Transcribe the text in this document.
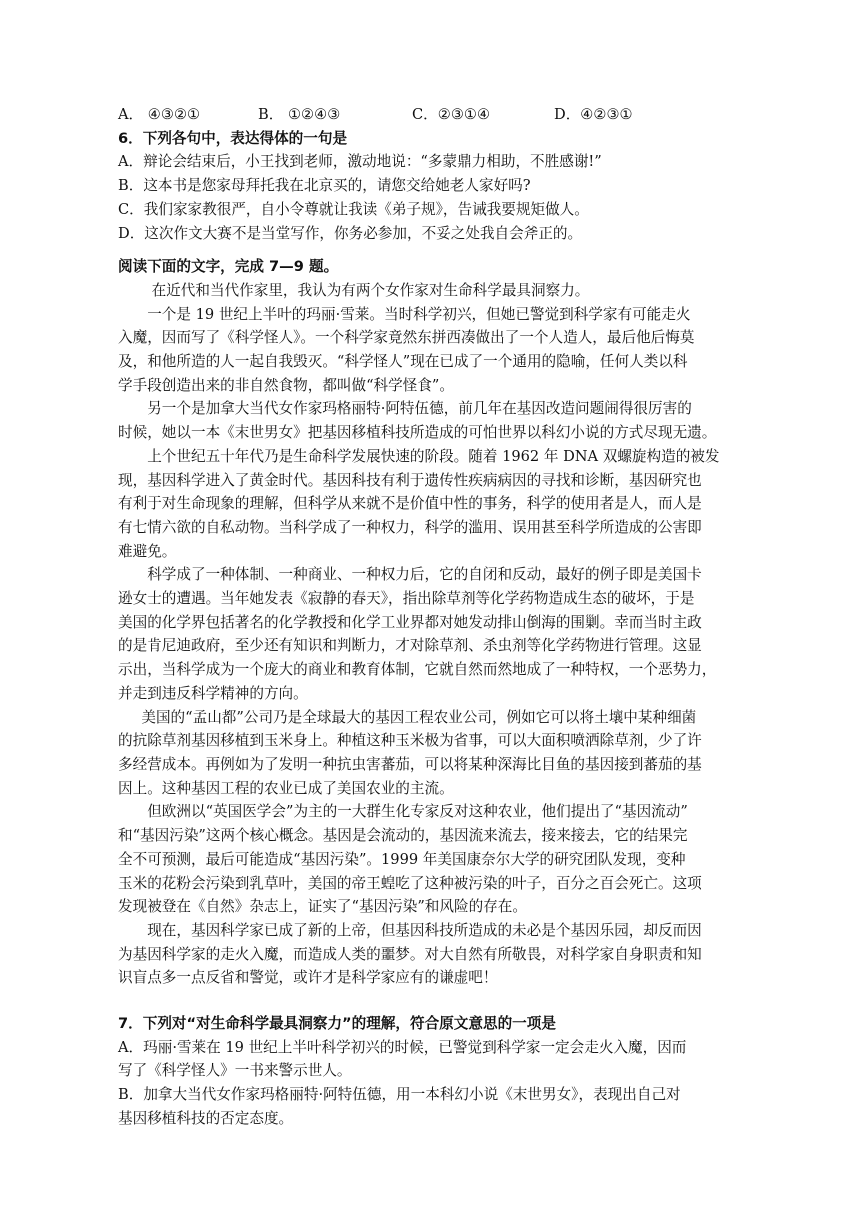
A． ④③②①	B． ①②④③	C．②③①④	D．④②③①
6．下列各句中，表达得体的一句是
A．辩论会结束后，小王找到老师，激动地说：“多蒙鼎力相助，不胜感谢!”
B．这本书是您家母拜托我在北京买的，请您交给她老人家好吗?
C．我们家家教很严，自小令尊就让我读《弟子规》，告诫我要规矩做人。
D．这次作文大赛不是当堂写作，你务必参加，不妥之处我自会斧正的。
阅读下面的文字，完成 7—9 题。
在近代和当代作家里，我认为有两个女作家对生命科学最具洞察力。
一个是 19 世纪上半叶的玛丽·雪莱。当时科学初兴，但她已警觉到科学家有可能走火
入魔，因而写了《科学怪人》。一个科学家竟然东拼西凑做出了一个人造人，最后他后悔莫
及，和他所造的人一起自我毁灭。“科学怪人”现在已成了一个通用的隐喻，任何人类以科
学手段创造出来的非自然食物，都叫做“科学怪食”。
另一个是加拿大当代女作家玛格丽特·阿特伍德，前几年在基因改造问题闹得很厉害的
时候，她以一本《末世男女》把基因移植科技所造成的可怕世界以科幻小说的方式尽现无遗。
上个世纪五十年代乃是生命科学发展快速的阶段。随着 1962 年 DNA 双螺旋构造的被发
现，基因科学进入了黄金时代。基因科技有利于遗传性疾病病因的寻找和诊断，基因研究也
有利于对生命现象的理解，但科学从来就不是价值中性的事务，科学的使用者是人，而人是
有七情六欲的自私动物。当科学成了一种权力，科学的滥用、误用甚至科学所造成的公害即
难避免。
科学成了一种体制、一种商业、一种权力后，它的自闭和反动，最好的例子即是美国卡
逊女士的遭遇。当年她发表《寂静的春天》，指出除草剂等化学药物造成生态的破坏，于是
美国的化学界包括著名的化学教授和化学工业界都对她发动排山倒海的围剿。幸而当时主政
的是肯尼迪政府，至少还有知识和判断力，才对除草剂、杀虫剂等化学药物进行管理。这显
示出，当科学成为一个庞大的商业和教育体制，它就自然而然地成了一种特权，一个恶势力，
并走到违反科学精神的方向。
美国的“孟山都”公司乃是全球最大的基因工程农业公司，例如它可以将土壤中某种细菌
的抗除草剂基因移植到玉米身上。种植这种玉米极为省事，可以大面积喷洒除草剂，少了许
多经营成本。再例如为了发明一种抗虫害蕃茄，可以将某种深海比目鱼的基因接到蕃茄的基
因上。这种基因工程的农业已成了美国农业的主流。
但欧洲以“英国医学会”为主的一大群生化专家反对这种农业，他们提出了“基因流动”
和“基因污染”这两个核心概念。基因是会流动的，基因流来流去，接来接去，它的结果完
全不可预测，最后可能造成“基因污染”。1999 年美国康奈尔大学的研究团队发现，变种
玉米的花粉会污染到乳草叶，美国的帝王蝗吃了这种被污染的叶子，百分之百会死亡。这项
发现被登在《自然》杂志上，证实了“基因污染”和风险的存在。
现在，基因科学家已成了新的上帝，但基因科技所造成的未必是个基因乐园，却反而因
为基因科学家的走火入魔，而造成人类的噩梦。对大自然有所敬畏，对科学家自身职责和知
识盲点多一点反省和警觉，或许才是科学家应有的谦虚吧！
7．下列对“对生命科学最具洞察力”的理解，符合原文意思的一项是
A．玛丽·雪莱在 19 世纪上半叶科学初兴的时候，已警觉到科学家一定会走火入魔，因而
写了《科学怪人》一书来警示世人。
B．加拿大当代女作家玛格丽特·阿特伍德，用一本科幻小说《末世男女》，表现出自己对
基因移植科技的否定态度。
